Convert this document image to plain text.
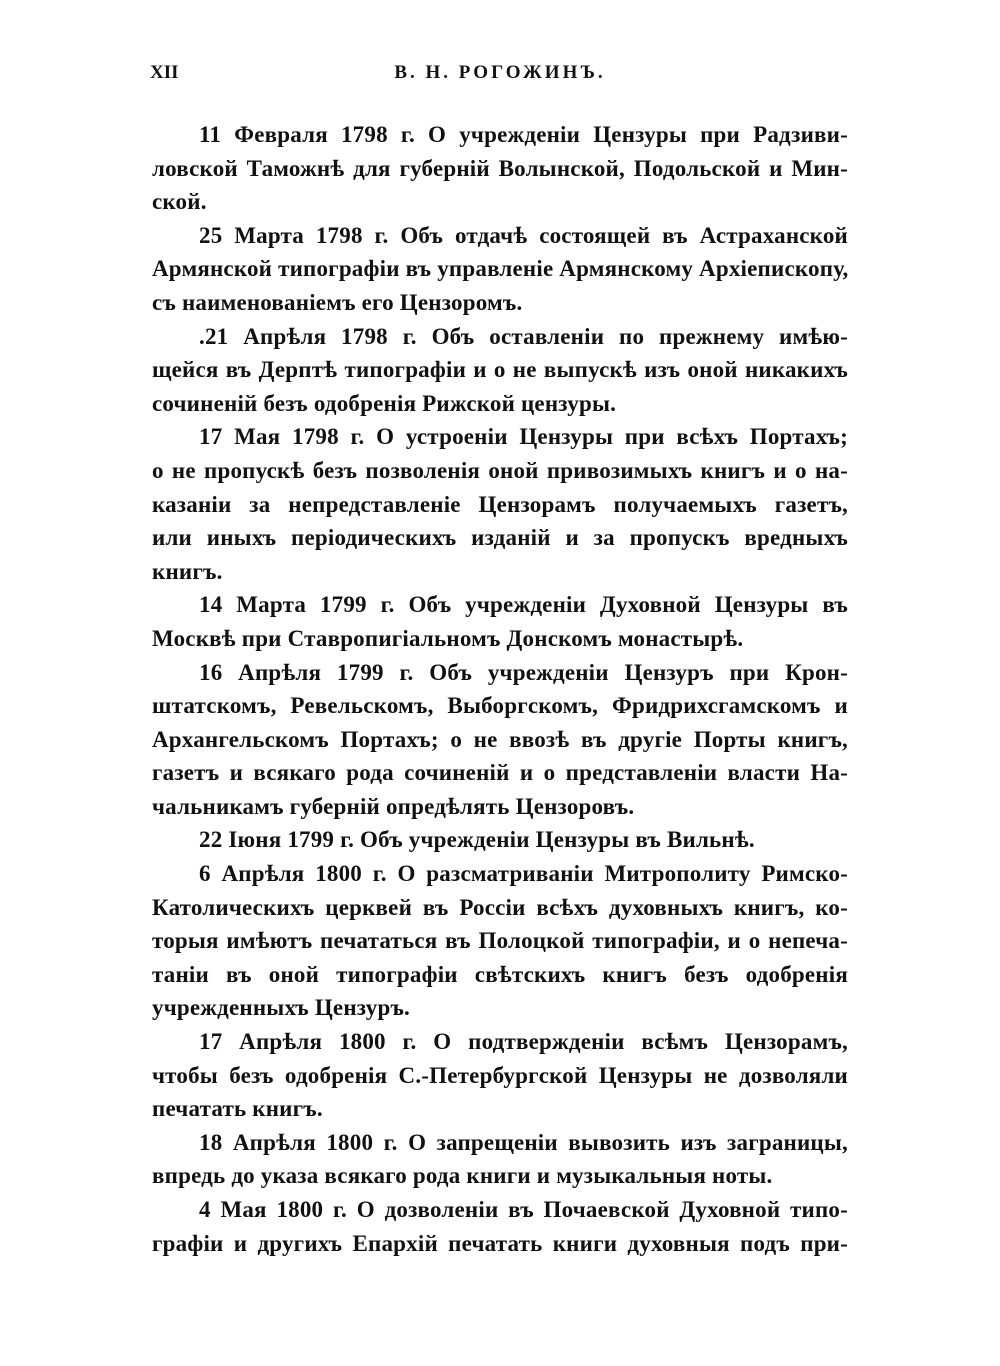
XII	В. Н. РОГОЖИНЪ.
11 Февраля 1798 г. О учрежденіи Цензуры при Радзиви-
ловской Таможнѣ для губерній Волынской, Подольской и Мин-
ской.
25 Марта 1798 г. Объ отдачѣ состоящей въ Астраханской
Армянской типографіи въ управленіе Армянскому Архіепископу,
съ наименованіемъ его Цензоромъ.
.21 Апрѣля 1798 г. Объ оставленіи по прежнему имѣю-
щейся въ Дерптѣ типографіи и о не выпускѣ изъ оной никакихъ
сочиненій безъ одобренія Рижской цензуры.
17 Мая 1798 г. О устроеніи Цензуры при всѣхъ Портахъ;
о не пропускѣ безъ позволенія оной привозимыхъ книгъ и о на-
казаніи за непредставленіе Цензорамъ получаемыхъ газетъ,
или иныхъ періодическихъ изданій и за пропускъ вредныхъ
книгъ.
14 Марта 1799 г. Объ учрежденіи Духовной Цензуры въ
Москвѣ при Ставропигіальномъ Донскомъ монастырѣ.
16 Апрѣля 1799 г. Объ учрежденіи Цензуръ при Крон-
штатскомъ, Ревельскомъ, Выборгскомъ, Фридрихсгамскомъ и
Архангельскомъ Портахъ; о не ввозѣ въ другіе Порты книгъ,
газетъ и всякаго рода сочиненій и о представленіи власти На-
чальникамъ губерній опредѣлять Цензоровъ.
22 Іюня 1799 г. Объ учрежденіи Цензуры въ Вильнѣ.
6 Апрѣля 1800 г. О разсматриваніи Митрополиту Римско-
Католическихъ церквей въ Россіи всѣхъ духовныхъ книгъ, ко-
торыя имѣютъ печататься въ Полоцкой типографіи, и о непеча-
таніи въ оной типографіи свѣтскихъ книгъ безъ одобренія
учрежденныхъ Цензуръ.
17 Апрѣля 1800 г. О подтвержденіи всѣмъ Цензорамъ,
чтобы безъ одобренія С.-Петербургской Цензуры не дозволяли
печатать книгъ.
18 Апрѣля 1800 г. О запрещеніи вывозить изъ заграницы,
впредь до указа всякаго рода книги и музыкальныя ноты.
4 Мая 1800 г. О дозволеніи въ Почаевской Духовной типо-
графіи и другихъ Епархій печатать книги духовныя подъ при-
